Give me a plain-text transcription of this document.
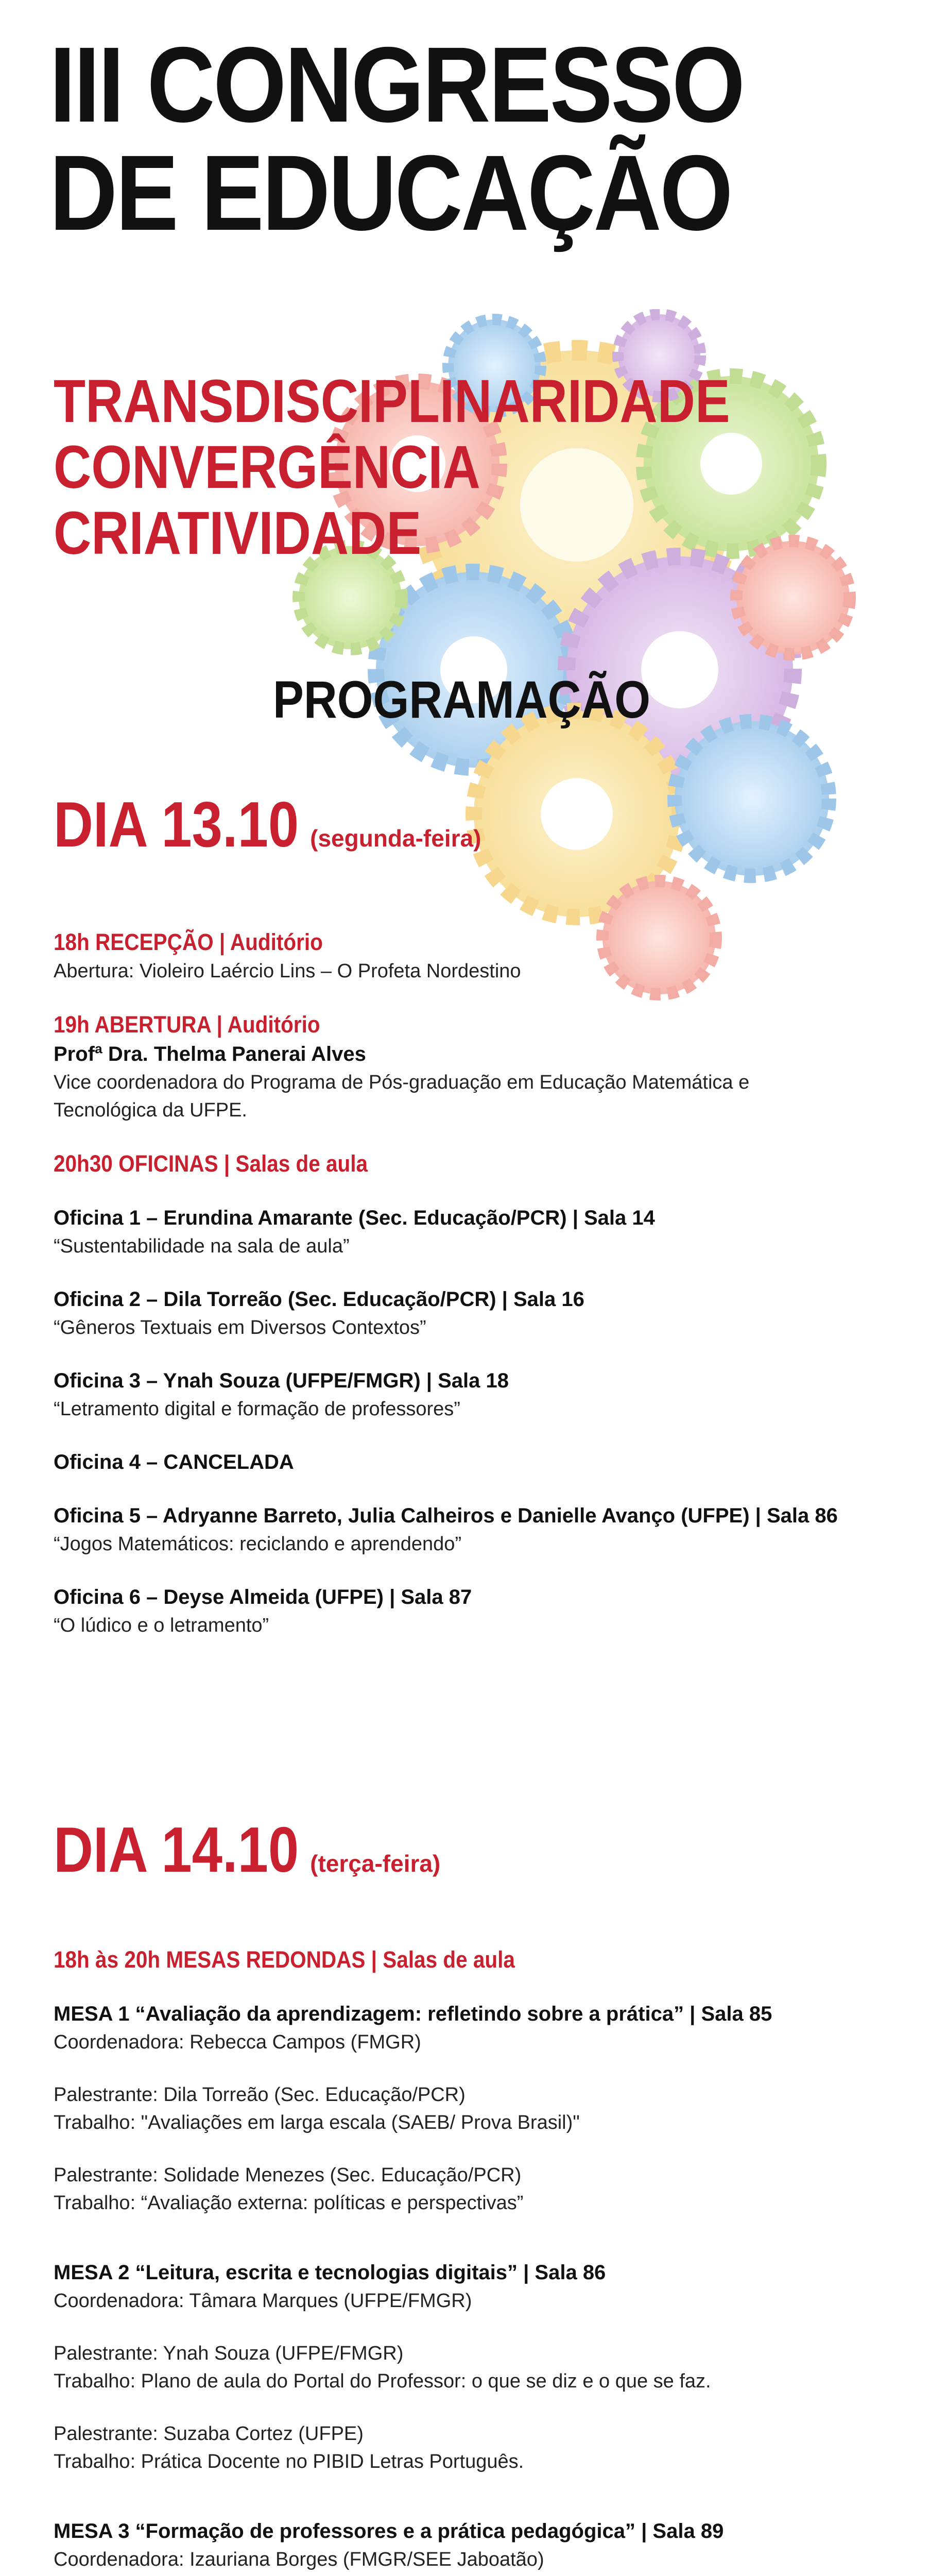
III CONGRESSO
DE EDUCAÇÃO
TRANSDISCIPLINARIDADE
CONVERGÊNCIA
CRIATIVIDADE
PROGRAMAÇÃO
DIA 13.10 (segunda-feira)
18h RECEPÇÃO | Auditório
Abertura: Violeiro Laércio Lins – O Profeta Nordestino
19h ABERTURA | Auditório
Profª Dra. Thelma Panerai Alves
Vice coordenadora do Programa de Pós-graduação em Educação Matemática e
Tecnológica da UFPE.
20h30 OFICINAS | Salas de aula
Oficina 1 – Erundina Amarante (Sec. Educação/PCR) | Sala 14
“Sustentabilidade na sala de aula”
Oficina 2 – Dila Torreão (Sec. Educação/PCR) | Sala 16
“Gêneros Textuais em Diversos Contextos”
Oficina 3 – Ynah Souza (UFPE/FMGR) | Sala 18
“Letramento digital e formação de professores”
Oficina 4 – CANCELADA
Oficina 5 – Adryanne Barreto, Julia Calheiros e Danielle Avanço (UFPE) | Sala 86
“Jogos Matemáticos: reciclando e aprendendo”
Oficina 6 – Deyse Almeida (UFPE) | Sala 87
“O lúdico e o letramento”
DIA 14.10 (terça-feira)
18h às 20h MESAS REDONDAS | Salas de aula
MESA 1 “Avaliação da aprendizagem: refletindo sobre a prática” | Sala 85
Coordenadora: Rebecca Campos (FMGR)
Palestrante: Dila Torreão (Sec. Educação/PCR)
Trabalho: "Avaliações em larga escala (SAEB/ Prova Brasil)"
Palestrante: Solidade Menezes (Sec. Educação/PCR)
Trabalho: “Avaliação externa: políticas e perspectivas”
MESA 2 “Leitura, escrita e tecnologias digitais” | Sala 86
Coordenadora: Tâmara Marques (UFPE/FMGR)
Palestrante: Ynah Souza (UFPE/FMGR)
Trabalho: Plano de aula do Portal do Professor: o que se diz e o que se faz.
Palestrante: Suzaba Cortez (UFPE)
Trabalho: Prática Docente no PIBID Letras Português.
MESA 3 “Formação de professores e a prática pedagógica” | Sala 89
Coordenadora: Izauriana Borges (FMGR/SEE Jaboatão)
